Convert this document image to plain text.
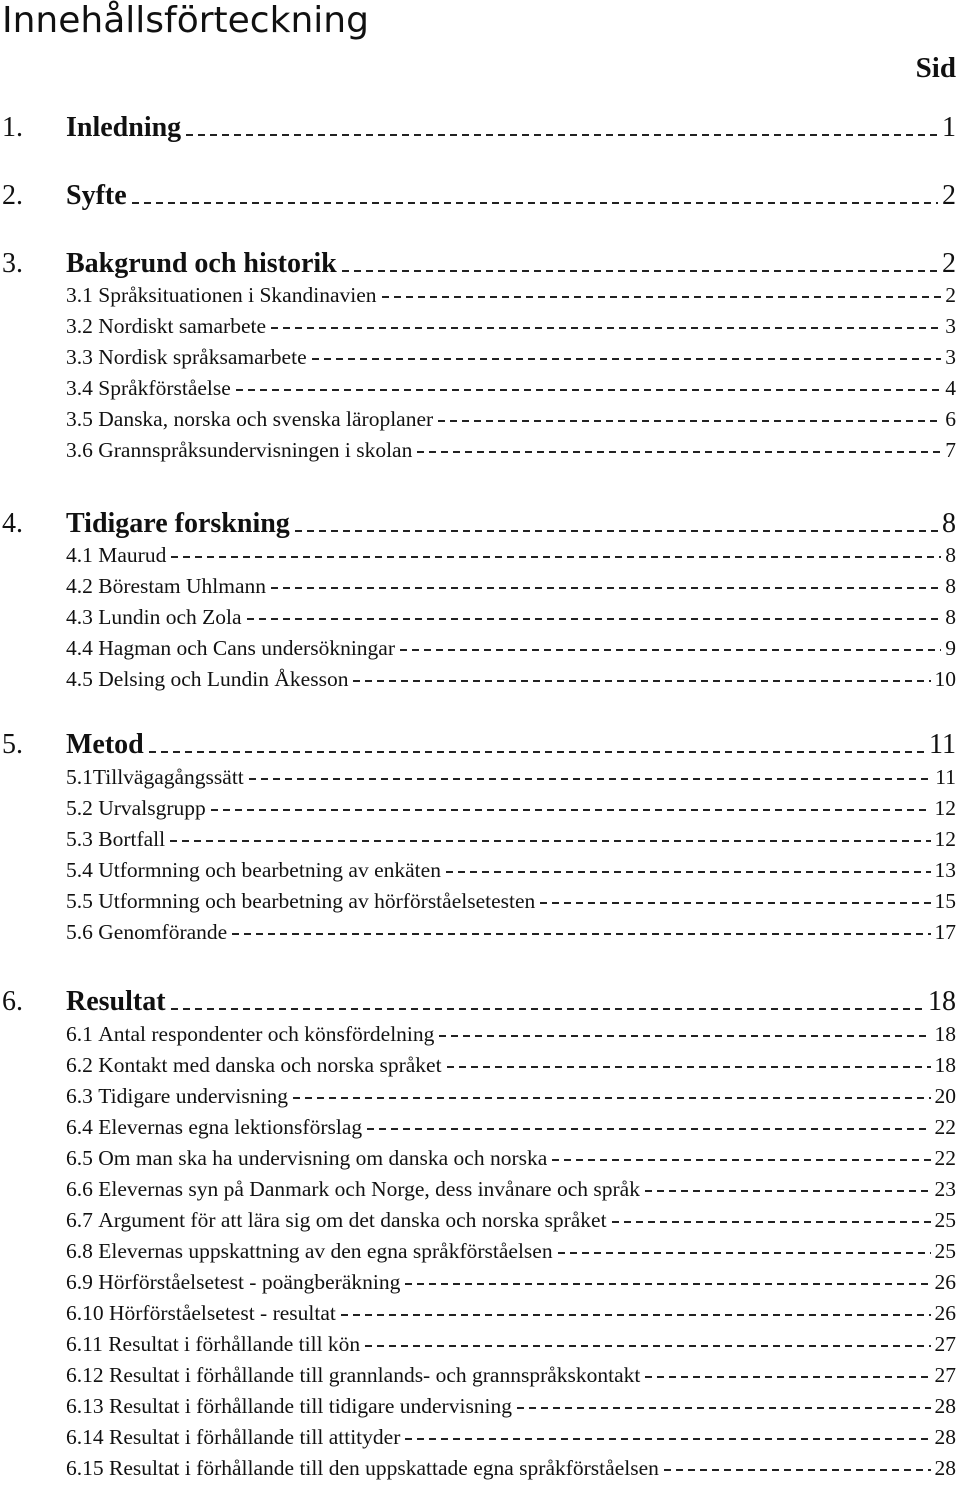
Innehållsförteckning
Sid
1.	Inledning	1
2.	Syfte	2
3.	Bakgrund och historik	2
3.1 Språksituationen i Skandinavien	2
3.2 Nordiskt samarbete	3
3.3 Nordisk språksamarbete	3
3.4 Språkförståelse	4
3.5 Danska, norska och svenska läroplaner	6
3.6 Grannspråksundervisningen i skolan	7
4.	Tidigare forskning	8
4.1 Maurud	8
4.2 Börestam Uhlmann	8
4.3 Lundin och Zola	8
4.4 Hagman och Cans undersökningar	9
4.5 Delsing och Lundin Åkesson	10
5.	Metod	11
5.1 Tillvägagångssätt	11
5.2 Urvalsgrupp	12
5.3 Bortfall	12
5.4 Utformning och bearbetning av enkäten	13
5.5 Utformning och bearbetning av hörförståelsetesten	15
5.6 Genomförande	17
6.	Resultat	18
6.1 Antal respondenter och könsfördelning	18
6.2 Kontakt med danska och norska språket	18
6.3 Tidigare undervisning	20
6.4 Elevernas egna lektionsförslag	22
6.5 Om man ska ha undervisning om danska och norska	22
6.6 Elevernas syn på Danmark och Norge, dess invånare och språk	23
6.7 Argument för att lära sig om det danska och norska språket	25
6.8 Elevernas uppskattning av den egna språkförståelsen	25
6.9 Hörförståelsetest - poängberäkning	26
6.10 Hörförståelsetest - resultat	26
6.11 Resultat i förhållande till kön	27
6.12 Resultat i förhållande till grannlands- och grannspråkskontakt	27
6.13 Resultat i förhållande till tidigare undervisning	28
6.14 Resultat i förhållande till attityder	28
6.15 Resultat i förhållande till den uppskattade egna språkförståelsen	28
